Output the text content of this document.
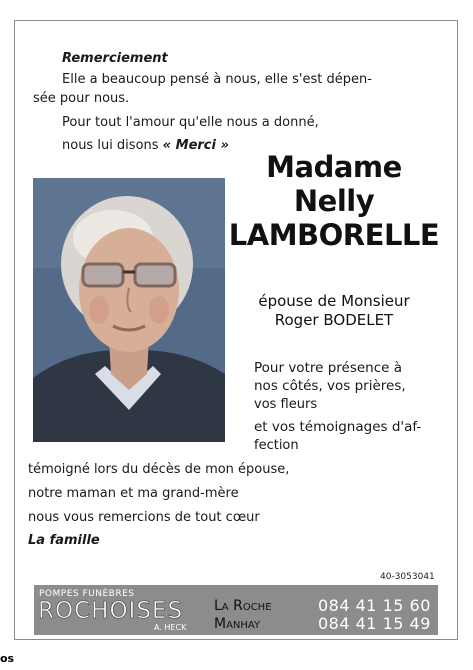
Remerciement
Elle a beaucoup pensé à nous, elle s'est dépen-
sée pour nous.
Pour tout l'amour qu'elle nous a donné,
nous lui disons « Merci »
Madame
Nelly
LAMBORELLE
épouse de Monsieur
Roger BODELET
Pour votre présence à
nos côtés, vos prières,
vos fleurs
et vos témoignages d'af-
fection
témoigné lors du décès de mon épouse,
notre maman et ma grand-mère
nous vous remercions de tout cœur
La famille
40-3053041
POMPES FUNÈBRES
ROCHOISES
A. HECK
La Roche	084 41 15 60
Manhay	084 41 15 49
os
